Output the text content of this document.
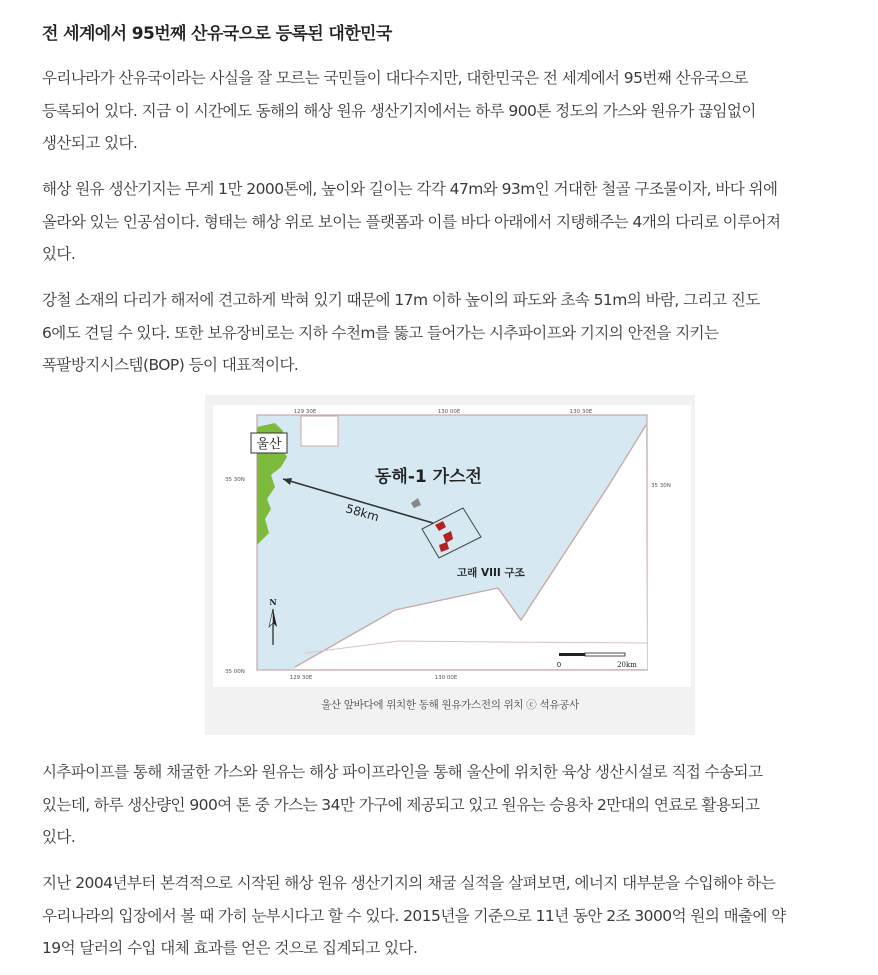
전 세계에서 95번째 산유국으로 등록된 대한민국
우리나라가 산유국이라는 사실을 잘 모르는 국민들이 대다수지만, 대한민국은 전 세계에서 95번째 산유국으로
등록되어 있다. 지금 이 시간에도 동해의 해상 원유 생산기지에서는 하루 900톤 정도의 가스와 원유가 끊임없이
생산되고 있다.
해상 원유 생산기지는 무게 1만 2000톤에, 높이와 길이는 각각 47m와 93m인 거대한 철골 구조물이자, 바다 위에
올라와 있는 인공섬이다. 형태는 해상 위로 보이는 플랫폼과 이를 바다 아래에서 지탱해주는 4개의 다리로 이루어져
있다.
강철 소재의 다리가 해저에 견고하게 박혀 있기 때문에 17m 이하 높이의 파도와 초속 51m의 바람, 그리고 진도
6에도 견딜 수 있다. 또한 보유장비로는 지하 수천m를 뚫고 들어가는 시추파이프와 기지의 안전을 지키는
폭팔방지시스템(BOP) 등이 대표적이다.
울산
58km
동해-1 가스전
고래 VIII 구조
129 30E	130 00E	130 30E
129 30E	130 00E
35 30N
35 00N
35 30N
N
0	20km
울산 앞바다에 위치한 동해 원유가스전의 위치 ⓒ 석유공사
시추파이프를 통해 채굴한 가스와 원유는 해상 파이프라인을 통해 울산에 위치한 육상 생산시설로 직접 수송되고
있는데, 하루 생산량인 900여 톤 중 가스는 34만 가구에 제공되고 있고 원유는 승용차 2만대의 연료로 활용되고
있다.
지난 2004년부터 본격적으로 시작된 해상 원유 생산기지의 채굴 실적을 살펴보면, 에너지 대부분을 수입해야 하는
우리나라의 입장에서 볼 때 가히 눈부시다고 할 수 있다. 2015년을 기준으로 11년 동안 2조 3000억 원의 매출에 약
19억 달러의 수입 대체 효과를 얻은 것으로 집계되고 있다.
